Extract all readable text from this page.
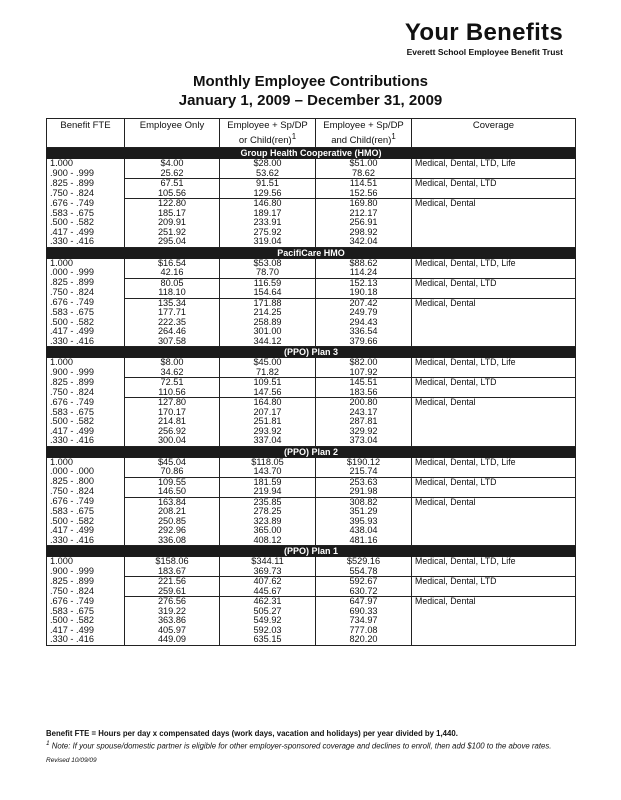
Your Benefits
Everett School Employee Benefit Trust
Monthly Employee Contributions
January 1, 2009 – December 31, 2009
Benefit FTE	Employee Only	Employee + Sp/DP or Child(ren)$^1$	Employee + Sp/DP and Child(ren)$^1$	Coverage
Group Health Cooperative (HMO)				
1.000	$4.00	$28.00	$51.00	Medical, Dental, LTD, Life
.900 - .999	25.62	53.62	78.62	
.825 - .899	67.51	91.51	114.51	Medical, Dental, LTD
.750 - .824	105.56	129.56	152.56	
.676 - .749	122.80	146.80	169.80	Medical, Dental
.583 - .675	185.17	189.17	212.17	
.500 - .582	209.91	233.91	256.91	
.417 - .499	251.92	275.92	298.92	
.330 - .416	295.04	319.04	342.04	
PacifiCare HMO				
1.000	$16.54	$53.08	$88.62	Medical, Dental, LTD, Life
.000 - .999	42.16	78.70	114.24	
.825 - .899	80.05	116.59	152.13	Medical, Dental, LTD
.750 - .824	118.10	154.64	190.18	
.676 - .749	135.34	171.88	207.42	Medical, Dental
.583 - .675	177.71	214.25	249.79	
.500 - .582	222.35	258.89	294.43	
.417 - .499	264.46	301.00	336.54	
.330 - .416	307.58	344.12	379.66	
(PPO) Plan 3				
1.000	$8.00	$45.00	$82.00	Medical, Dental, LTD, Life
.900 - .999	34.62	71.82	107.92	
.825 - .899	72.51	109.51	145.51	Medical, Dental, LTD
.750 - .824	110.56	147.56	183.56	
.676 - .749	127.80	164.80	200.80	Medical, Dental
.583 - .675	170.17	207.17	243.17	
.500 - .582	214.81	251.81	287.81	
.417 - .499	256.92	293.92	329.92	
.330 - .416	300.04	337.04	373.04	
(PPO) Plan 2				
1.000	$45.04	$118.05	$190.12	Medical, Dental, LTD, Life
.000 - .000	70.86	143.70	215.74	
.825 - .800	109.55	181.59	253.63	Medical, Dental, LTD
.750 - .824	146.50	219.94	291.98	
.676 - .749	163.84	235.85	308.82	Medical, Dental
.583 - .675	208.21	278.25	351.29	
.500 - .582	250.85	323.89	395.93	
.417 - .499	292.96	365.00	438.04	
.330 - .416	336.08	408.12	481.16	
(PPO) Plan 1				
1.000	$158.06	$344.11	$529.16	Medical, Dental, LTD, Life
.900 - .999	183.67	369.73	554.78	
.825 - .899	221.56	407.62	592.67	Medical, Dental, LTD
.750 - .824	259.61	445.67	630.72	
.676 - .749	276.56	462.31	647.97	Medical, Dental
.583 - .675	319.22	505.27	690.33	
.500 - .582	363.86	549.92	734.97	
.417 - .499	405.97	592.03	777.08	
.330 - .416	449.09	635.15	820.20	
Benefit FTE = Hours per day x compensated days (work days, vacation and holidays) per year divided by 1,440.
$^1$ Note: If your spouse/domestic partner is eligible for other employer-sponsored coverage and declines to enroll, then add $100 to the above rates.
Revised 10/09/09
